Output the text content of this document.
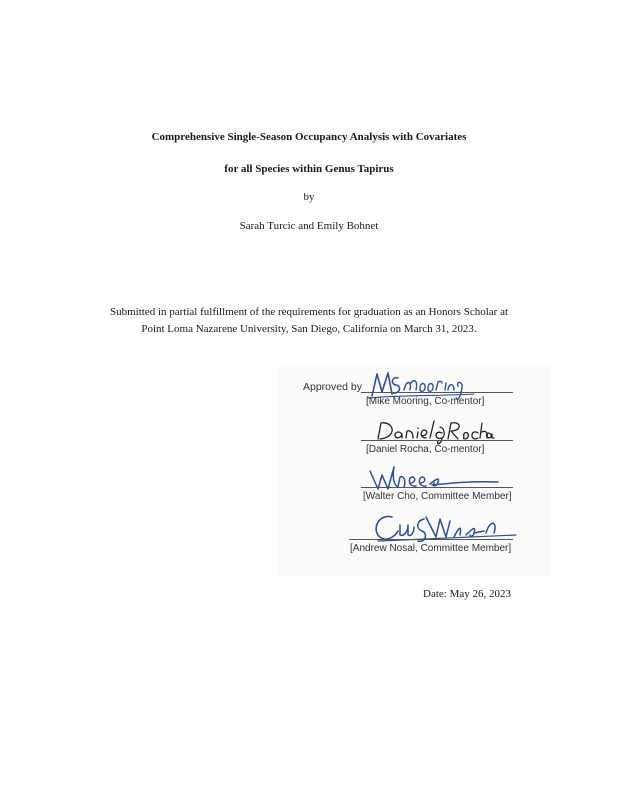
Comprehensive Single-Season Occupancy Analysis with Covariates
for all Species within Genus Tapirus
by
Sarah Turcic and Emily Bohnet
Submitted in partial fulfillment of the requirements for graduation as an Honors Scholar at
Point Loma Nazarene University, San Diego, California on March 31, 2023.
Approved by
[Mike Mooring, Co-mentor]
[Daniel Rocha, Co-mentor]
[Walter Cho, Committee Member]
[Andrew Nosal, Committee Member]
Date: May 26, 2023
